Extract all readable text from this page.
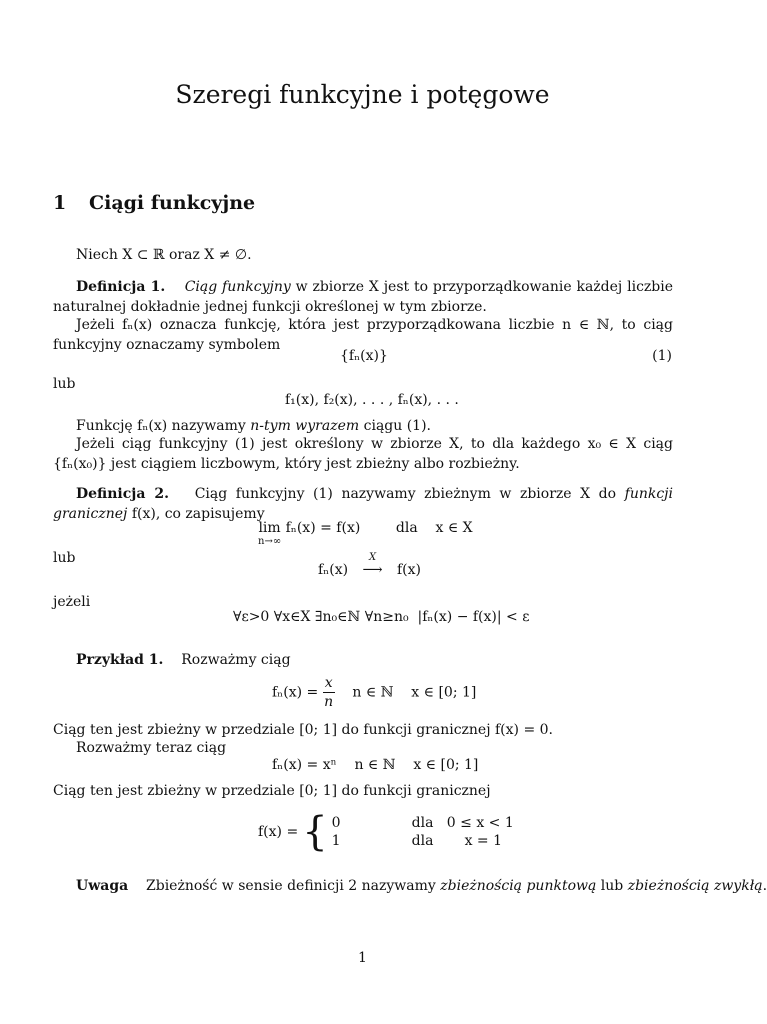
Szeregi funkcyjne i potęgowe
1 Ciągi funkcyjne
Niech X ⊂ ℝ oraz X ≠ ∅.
Definicja 1. Ciąg funkcyjny w zbiorze X jest to przyporządkowanie każdej liczbie naturalnej dokładnie jednej funkcji określonej w tym zbiorze.
Jeżeli fₙ(x) oznacza funkcję, która jest przyporządkowana liczbie n ∈ ℕ, to ciąg funkcyjny oznaczamy symbolem
{fₙ(x)}	(1)
lub
f₁(x), f₂(x), . . . , fₙ(x), . . .
Funkcję fₙ(x) nazywamy n-tym wyrazem ciągu (1).
Jeżeli ciąg funkcyjny (1) jest określony w zbiorze X, to dla każdego x₀ ∈ X ciąg {fₙ(x₀)} jest ciągiem liczbowym, który jest zbieżny albo rozbieżny.
Definicja 2. Ciąg funkcyjny (1) nazywamy zbieżnym w zbiorze X do funkcji granicznej f(x), co zapisujemy
lim
n→∞
fₙ(x) = f(x)        dla    x ∈ X
lub
fₙ(x)
X
⟶ f(x)
jeżeli
∀ε>0 ∀x∈X ∃n₀∈ℕ ∀n≥n₀  |fₙ(x) − f(x)| < ε
Przykład 1. Rozważmy ciąg
$f_n(x) = \frac{x}{n}$ n ∈ ℕ    x ∈ [0; 1]
Ciąg ten jest zbieżny w przedziale [0; 1] do funkcji granicznej f(x) = 0.
Rozważmy teraz ciąg
fₙ(x) = xⁿ    n ∈ ℕ    x ∈ [0; 1]
Ciąg ten jest zbieżny w przedziale [0; 1] do funkcji granicznej
f(x) = { 0	dla   0 ≤ x < 1
1	dla       x = 1
Uwaga Zbieżność w sensie definicji 2 nazywamy zbieżnością punktową lub zbieżnością zwykłą.
1
